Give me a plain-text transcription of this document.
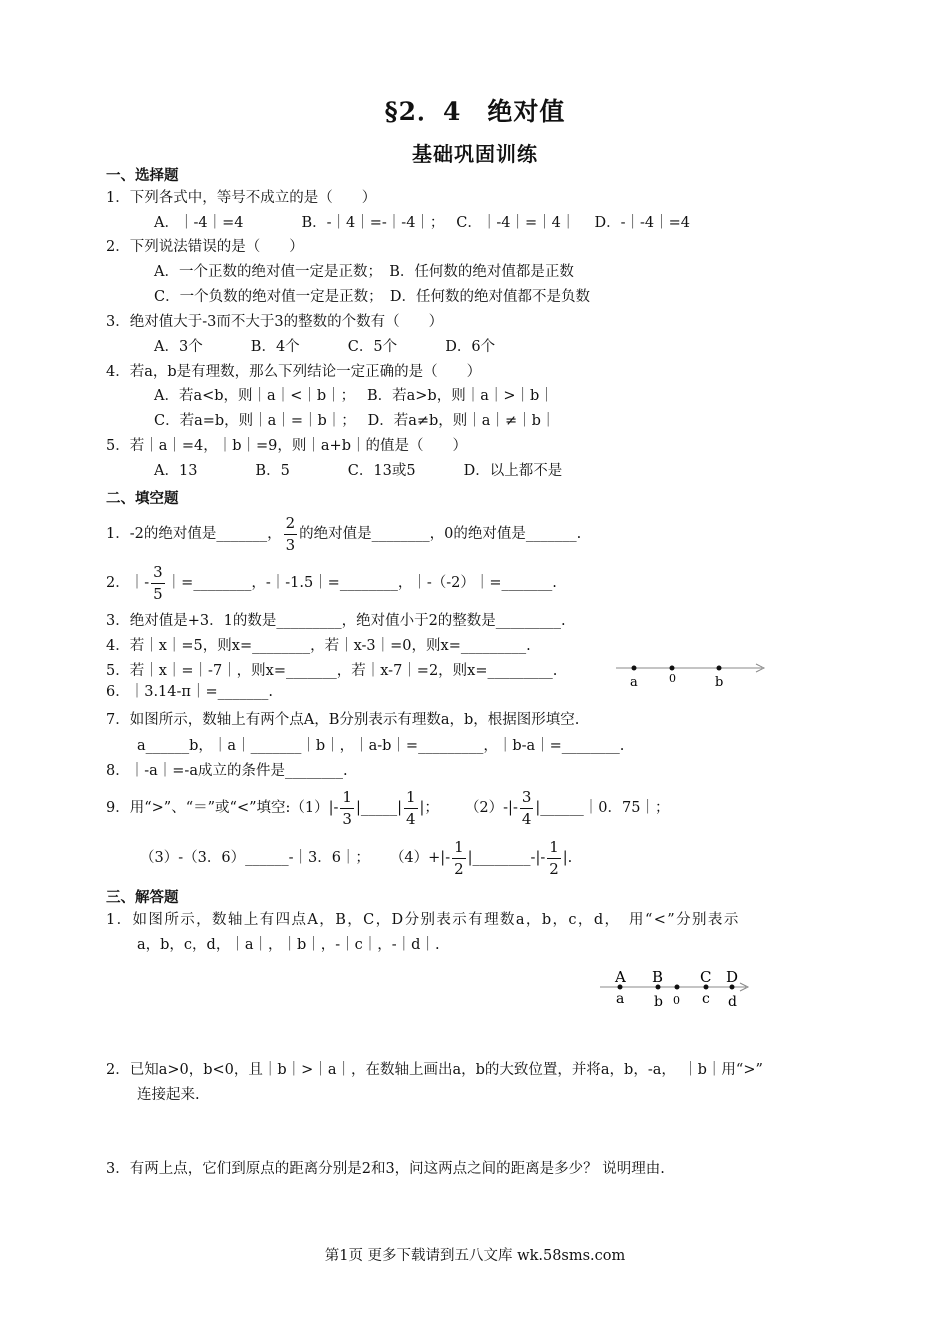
§2．4　绝对值
基础巩固训练
一、选择题
1．下列各式中，等号不成立的是（　　）
A．｜-4｜=4　　　　B．-｜4｜=-｜-4｜；　 C．｜-4｜=｜4｜　 D．-｜-4｜=4
2．下列说法错误的是（　　）
A．一个正数的绝对值一定是正数；　B．任何数的绝对值都是正数
C．一个负数的绝对值一定是正数；　D．任何数的绝对值都不是负数
3．绝对值大于-3而不大于3的整数的个数有（　　）
A．3个　　　 B．4个　　　 C．5个　　　 D．6个
4．若a，b是有理数，那么下列结论一定正确的是（　　）
A．若a<b，则｜a｜<｜b｜；　 B．若a>b，则｜a｜>｜b｜
C．若a=b，则｜a｜=｜b｜；　 D．若a≠b，则｜a｜≠｜b｜
5．若｜a｜=4，｜b｜=9，则｜a+b｜的值是（　　）
A．13　　　　B．5　　　　C．13或5　　　 D．以上都不是
二、填空题
1．-2的绝对值是_______， $\frac{2}{3}$ 的绝对值是________，0的绝对值是_______.
2．｜- $\frac{3}{5}$ ｜=________，-｜-1.5｜=________，｜-（-2）｜=_______.
3．绝对值是+3．1的数是_________，绝对值小于2的整数是_________.
4．若｜x｜=5，则x=________，若｜x-3｜=0，则x=_________.
5．若｜x｜=｜-7｜，则x=_______，若｜x-7｜=2，则x=_________.
6．｜3.14-π｜=_______.
a	0	b
7．如图所示，数轴上有两个点A，B分别表示有理数a，b，根据图形填空.
a______b，｜a｜_______｜b｜，｜a-b｜=_________，｜b-a｜=________.
8．｜-a｜=-a成立的条件是________.
9．用“>”、“＝”或“<”填空:（1）|- $\frac{1}{3}$ |_____| $\frac{1}{4}$ |； $(2)-|- \frac{3}{4}$ |______｜0．75｜；
（3）-（3．6）______-｜3．6｜； $(4)+|- \frac{1}{2}$ |________-|- $\frac{1}{2}$ |.
三、解答题
1．如图所示，数轴上有四点A，B，C，D分别表示有理数a，b，c，d，　用“<”分别表示
a，b，c，d，｜a｜，｜b｜，-｜c｜，-｜d｜.
A B C D
a b 0 c d
2．已知a>0，b<0，且｜b｜>｜a｜，在数轴上画出a，b的大致位置，并将a，b，-a，　｜b｜用“>”
连接起来.
3．有两上点，它们到原点的距离分别是2和3，问这两点之间的距离是多少？ 说明理由.
第1页 更多下载请到五八文库 wk.58sms.com
